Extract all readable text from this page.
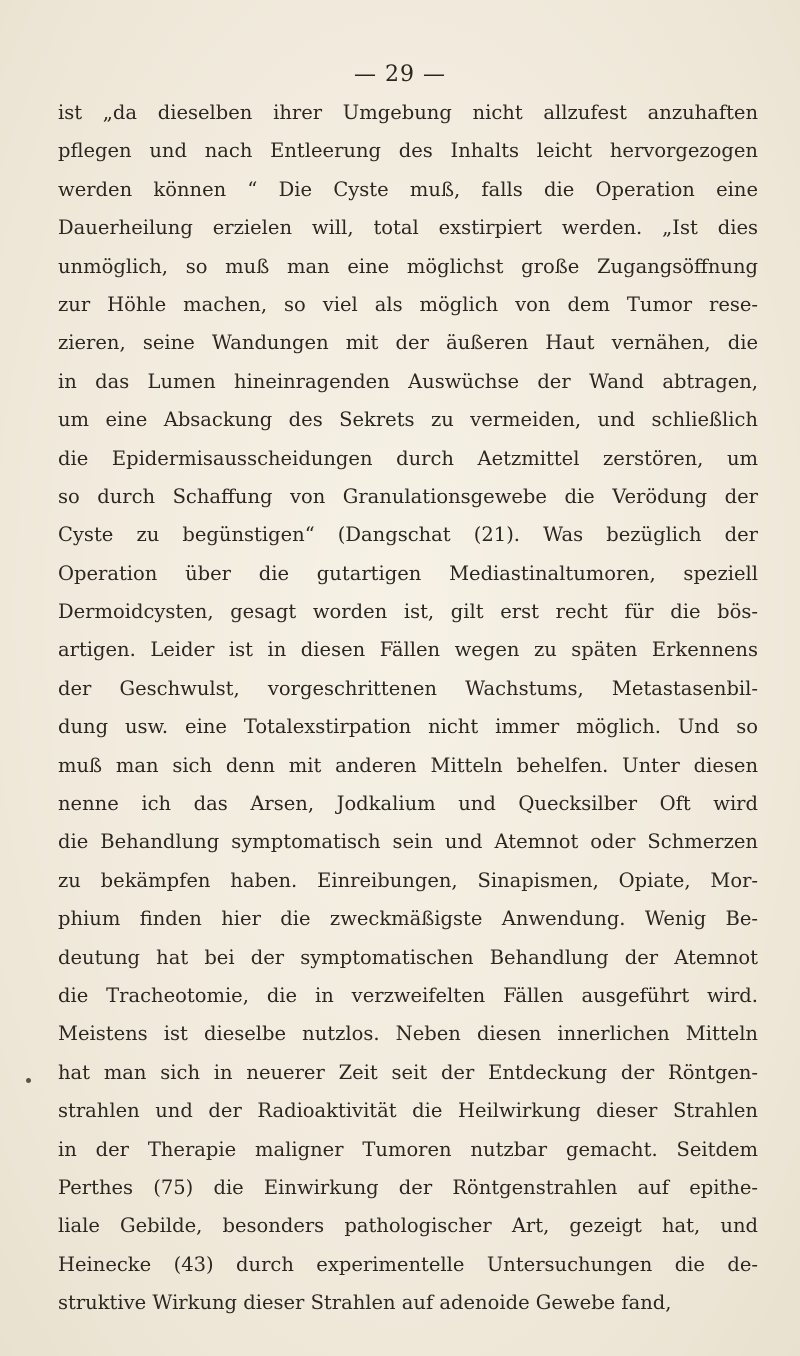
— 29 —
ist „da dieselben ihrer Umgebung nicht allzufest anzuhaften
pflegen und nach Entleerung des Inhalts leicht hervorgezogen
werden können “ Die Cyste muß, falls die Operation eine
Dauerheilung erzielen will, total exstirpiert werden. „Ist dies
unmöglich, so muß man eine möglichst große Zugangsöffnung
zur Höhle machen, so viel als möglich von dem Tumor rese-
zieren, seine Wandungen mit der äußeren Haut vernähen, die
in das Lumen hineinragenden Auswüchse der Wand abtragen,
um eine Absackung des Sekrets zu vermeiden, und schließlich
die Epidermisausscheidungen durch Aetzmittel zerstören, um
so durch Schaffung von Granulationsgewebe die Verödung der
Cyste zu begünstigen“ (Dangschat (21). Was bezüglich der
Operation über die gutartigen Mediastinaltumoren, speziell
Dermoidcysten, gesagt worden ist, gilt erst recht für die bös-
artigen. Leider ist in diesen Fällen wegen zu späten Erkennens
der Geschwulst, vorgeschrittenen Wachstums, Metastasenbil-
dung usw. eine Totalexstirpation nicht immer möglich. Und so
muß man sich denn mit anderen Mitteln behelfen. Unter diesen
nenne ich das Arsen, Jodkalium und Quecksilber Oft wird
die Behandlung symptomatisch sein und Atemnot oder Schmerzen
zu bekämpfen haben. Einreibungen, Sinapismen, Opiate, Mor-
phium finden hier die zweckmäßigste Anwendung. Wenig Be-
deutung hat bei der symptomatischen Behandlung der Atemnot
die Tracheotomie, die in verzweifelten Fällen ausgeführt wird.
Meistens ist dieselbe nutzlos. Neben diesen innerlichen Mitteln
hat man sich in neuerer Zeit seit der Entdeckung der Röntgen-
strahlen und der Radioaktivität die Heilwirkung dieser Strahlen
in der Therapie maligner Tumoren nutzbar gemacht. Seitdem
Perthes (75) die Einwirkung der Röntgenstrahlen auf epithe-
liale Gebilde, besonders pathologischer Art, gezeigt hat, und
Heinecke (43) durch experimentelle Untersuchungen die de-
struktive Wirkung dieser Strahlen auf adenoide Gewebe fand,
